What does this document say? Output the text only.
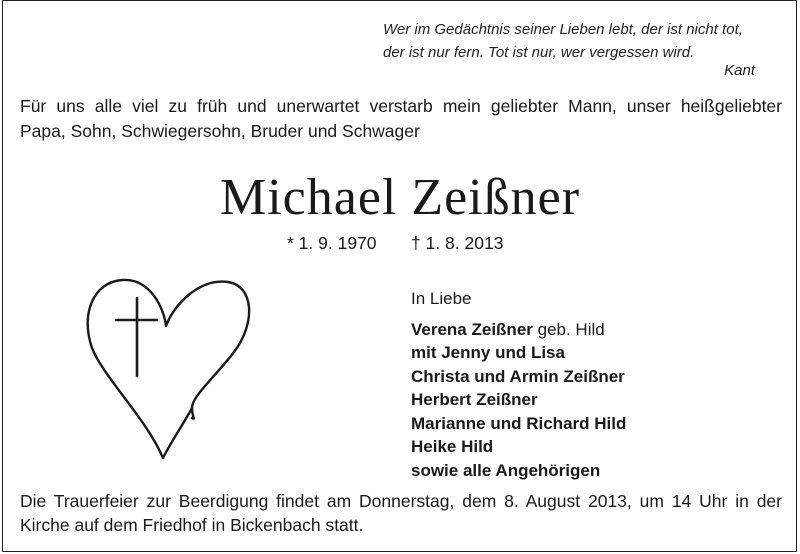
Wer im Gedächtnis seiner Lieben lebt, der ist nicht tot,
der ist nur fern. Tot ist nur, wer vergessen wird.
Kant
Für uns alle viel zu früh und unerwartet verstarb mein geliebter Mann, unser heißgeliebter
Papa, Sohn, Schwiegersohn, Bruder und Schwager
Michael Zeißner
* 1. 9. 1970 † 1. 8. 2013
In Liebe
Verena Zeißner geb. Hild
mit Jenny und Lisa
Christa und Armin Zeißner
Herbert Zeißner
Marianne und Richard Hild
Heike Hild
sowie alle Angehörigen
Die Trauerfeier zur Beerdigung findet am Donnerstag, dem 8. August 2013, um 14 Uhr in der
Kirche auf dem Friedhof in Bickenbach statt.
